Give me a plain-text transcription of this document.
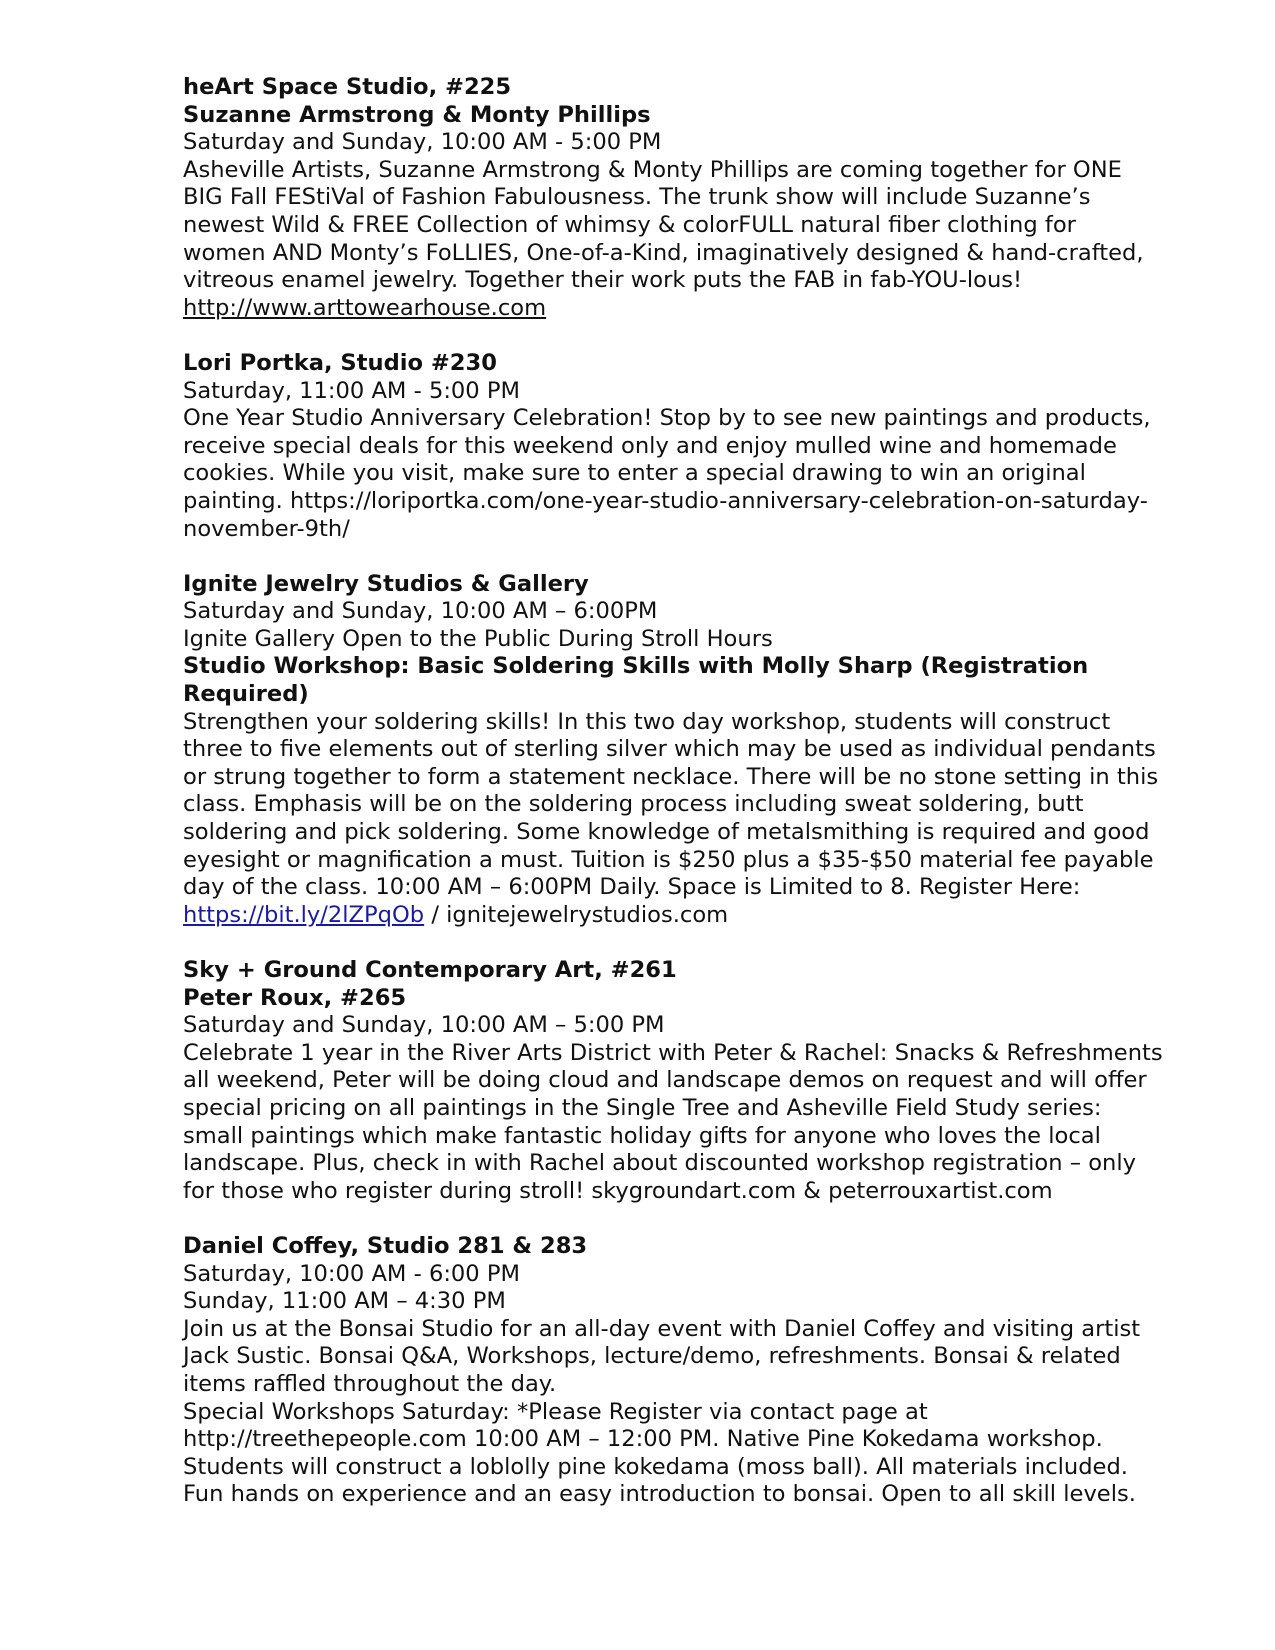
heArt Space Studio, #225

Suzanne Armstrong & Monty Phillips

Saturday and Sunday, 10:00 AM - 5:00 PM

Asheville Artists, Suzanne Armstrong & Monty Phillips are coming together for ONE BIG Fall FEStiVal of Fashion Fabulousness. The trunk show will include Suzanne’s newest Wild & FREE Collection of whimsy & colorFULL natural fiber clothing for women AND Monty’s FoLLIES, One-of-a-Kind, imaginatively designed & hand-crafted, vitreous enamel jewelry. Together their work puts the FAB in fab-YOU-lous! http://www.arttowearhouse.com

Lori Portka, Studio #230

Saturday, 11:00 AM - 5:00 PM

One Year Studio Anniversary Celebration! Stop by to see new paintings and products, receive special deals for this weekend only and enjoy mulled wine and homemade cookies. While you visit, make sure to enter a special drawing to win an original painting. https://loriportka.com/one-year-studio-anniversary-celebration-on-saturday-november-9th/

Ignite Jewelry Studios & Gallery

Saturday and Sunday, 10:00 AM – 6:00PM

Ignite Gallery Open to the Public During Stroll Hours

Studio Workshop: Basic Soldering Skills with Molly Sharp (Registration Required)

Strengthen your soldering skills! In this two day workshop, students will construct three to five elements out of sterling silver which may be used as individual pendants or strung together to form a statement necklace. There will be no stone setting in this class. Emphasis will be on the soldering process including sweat soldering, butt soldering and pick soldering. Some knowledge of metalsmithing is required and good eyesight or magnification a must. Tuition is $250 plus a $35-$50 material fee payable day of the class. 10:00 AM – 6:00PM Daily. Space is Limited to 8. Register Here: https://bit.ly/2lZPqOb / ignitejewelrystudios.com

Sky + Ground Contemporary Art, #261

Peter Roux, #265

Saturday and Sunday, 10:00 AM – 5:00 PM

Celebrate 1 year in the River Arts District with Peter & Rachel: Snacks & Refreshments all weekend, Peter will be doing cloud and landscape demos on request and will offer special pricing on all paintings in the Single Tree and Asheville Field Study series: small paintings which make fantastic holiday gifts for anyone who loves the local landscape. Plus, check in with Rachel about discounted workshop registration – only for those who register during stroll! skygroundart.com & peterrouxartist.com

Daniel Coffey, Studio 281 & 283

Saturday, 10:00 AM - 6:00 PM

Sunday, 11:00 AM – 4:30 PM

Join us at the Bonsai Studio for an all-day event with Daniel Coffey and visiting artist Jack Sustic. Bonsai Q&A, Workshops, lecture/demo, refreshments. Bonsai & related items raffled throughout the day.

Special Workshops Saturday: *Please Register via contact page at http://treethepeople.com 10:00 AM – 12:00 PM. Native Pine Kokedama workshop. Students will construct a loblolly pine kokedama (moss ball). All materials included. Fun hands on experience and an easy introduction to bonsai. Open to all skill levels.
